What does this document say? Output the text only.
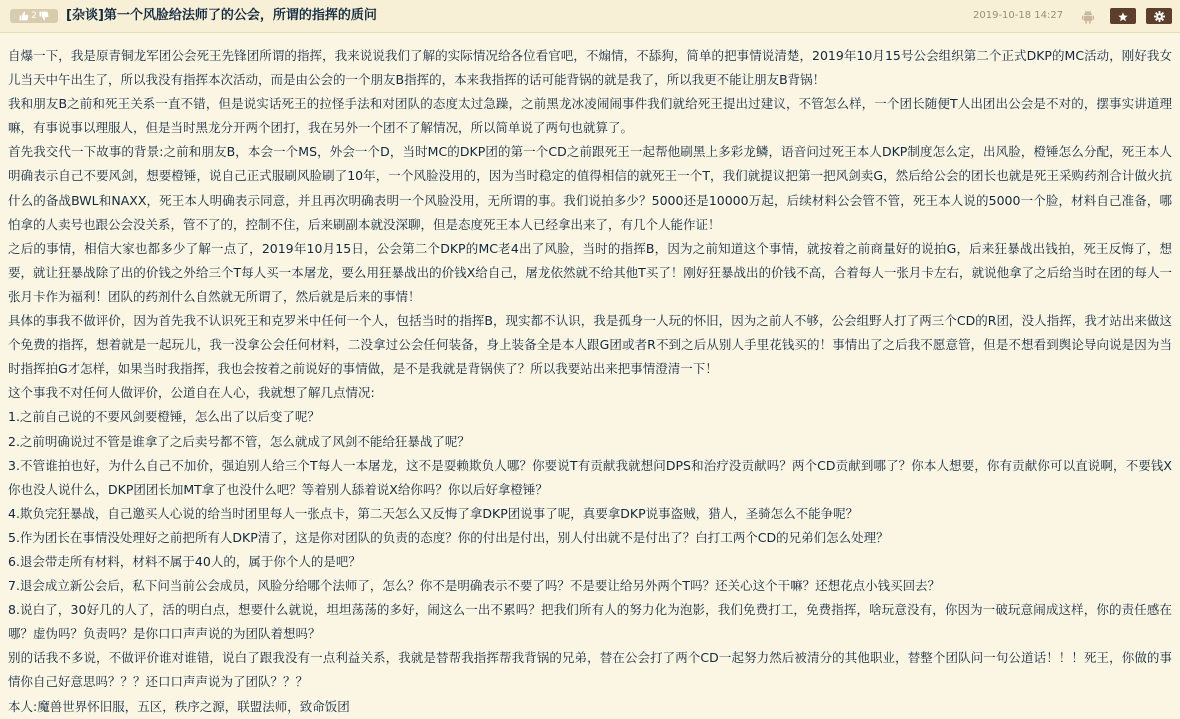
2 [杂谈]第一个风脸给法师了的公会，所谓的指挥的质问	2019-10-18 14:27

自爆一下，我是原青铜龙军团公会死王先锋团所谓的指挥，我来说说我们了解的实际情况给各位看官吧，不煽情，不舔狗，简单的把事情说清楚，2019年10月15号公会组织第二个正式DKP的MC活动，刚好我女儿当天中午出生了，所以我没有指挥本次活动，而是由公会的一个朋友B指挥的，本来我指挥的话可能背锅的就是我了，所以我更不能让朋友B背锅！

我和朋友B之前和死王关系一直不错，但是说实话死王的拉怪手法和对团队的态度太过急躁，之前黑龙冰凌闹闹事件我们就给死王提出过建议，不管怎么样，一个团长随便T人出团出公会是不对的，摆事实讲道理嘛，有事说事以理服人，但是当时黑龙分开两个团打，我在另外一个团不了解情况，所以简单说了两句也就算了。

首先我交代一下故事的背景:之前和朋友B，本会一个MS，外会一个D，当时MC的DKP团的第一个CD之前跟死王一起帮他刷黑上多彩龙鳞，语音问过死王本人DKP制度怎么定，出风脸，橙锤怎么分配，死王本人明确表示自己不要风剑，想要橙锤，说自己正式服刷风脸刷了10年，一个风脸没用的，因为当时稳定的值得相信的就死王一个T，我们就提议把第一把风剑卖G，然后给公会的团长也就是死王采购药剂合计做火抗什么的备战BWL和NAXX，死王本人明确表示同意，并且再次明确表明一个风脸没用，无所谓的事。我们说拍多少？5000还是10000万起，后续材料公会管不管，死王本人说的5000一个脸，材料自己准备，哪怕拿的人卖号也跟公会没关系，管不了的，控制不住，后来刷副本就没深聊，但是态度死王本人已经拿出来了，有几个人能作证！

之后的事情，相信大家也都多少了解一点了，2019年10月15日，公会第二个DKP的MC老4出了风脸，当时的指挥B，因为之前知道这个事情，就按着之前商量好的说拍G，后来狂暴战出钱拍，死王反悔了，想要，就让狂暴战除了出的价钱之外给三个T每人买一本屠龙，要么用狂暴战出的价钱X给自己，屠龙依然就不给其他T买了！刚好狂暴战出的价钱不高，合着每人一张月卡左右，就说他拿了之后给当时在团的每人一张月卡作为福利！团队的药剂什么自然就无所谓了，然后就是后来的事情！

具体的事我不做评价，因为首先我不认识死王和克罗米中任何一个人，包括当时的指挥B，现实都不认识，我是孤身一人玩的怀旧，因为之前人不够，公会组野人打了两三个CD的R团，没人指挥，我才站出来做这个免费的指挥，想着就是一起玩儿，我一没拿公会任何材料，二没拿过公会任何装备，身上装备全是本人跟G团或者R不到之后从别人手里花钱买的！事情出了之后我不愿意管，但是不想看到舆论导向说是因为当时指挥拍G才怎样，如果当时我指挥，我也会按着之前说好的事情做，是不是我就是背锅侠了？所以我要站出来把事情澄清一下！

这个事我不对任何人做评价，公道自在人心，我就想了解几点情况:

1.之前自己说的不要风剑要橙锤，怎么出了以后变了呢？

2.之前明确说过不管是谁拿了之后卖号都不管，怎么就成了风剑不能给狂暴战了呢？

3.不管谁拍也好，为什么自己不加价，强迫别人给三个T每人一本屠龙，这不是耍赖欺负人哪？你要说T有贡献我就想问DPS和治疗没贡献吗？两个CD贡献到哪了？你本人想要，你有贡献你可以直说啊，不要钱X你也没人说什么，DKP团团长加MT拿了也没什么吧？等着别人舔着说X给你吗？你以后好拿橙锤？

4.欺负完狂暴战，自己邀买人心说的给当时团里每人一张点卡，第二天怎么又反悔了拿DKP团说事了呢，真要拿DKP说事盗贼，猎人，圣骑怎么不能争呢？

5.作为团长在事情没处理好之前把所有人DKP清了，这是你对团队的负责的态度？你的付出是付出，别人付出就不是付出了？白打工两个CD的兄弟们怎么处理？

6.退会带走所有材料，材料不属于40人的，属于你个人的是吧？

7.退会成立新公会后，私下问当前公会成员，风脸分给哪个法师了，怎么？你不是明确表示不要了吗？不是要让给另外两个T吗？还关心这个干嘛？还想花点小钱买回去？

8.说白了，30好几的人了，活的明白点，想要什么就说，坦坦荡荡的多好，闹这么一出不累吗？把我们所有人的努力化为泡影，我们免费打工，免费指挥，啥玩意没有，你因为一破玩意闹成这样，你的责任感在哪？虚伪吗？负责吗？是你口口声声说的为团队着想吗？

别的话我不多说，不做评价谁对谁错，说白了跟我没有一点利益关系，我就是替帮我指挥帮我背锅的兄弟，替在公会打了两个CD一起努力然后被清分的其他职业，替整个团队问一句公道话！！！死王，你做的事情你自己好意思吗？？？还口口声声说为了团队？？？

本人:魔兽世界怀旧服，五区，秩序之源，联盟法师，致命饭团
